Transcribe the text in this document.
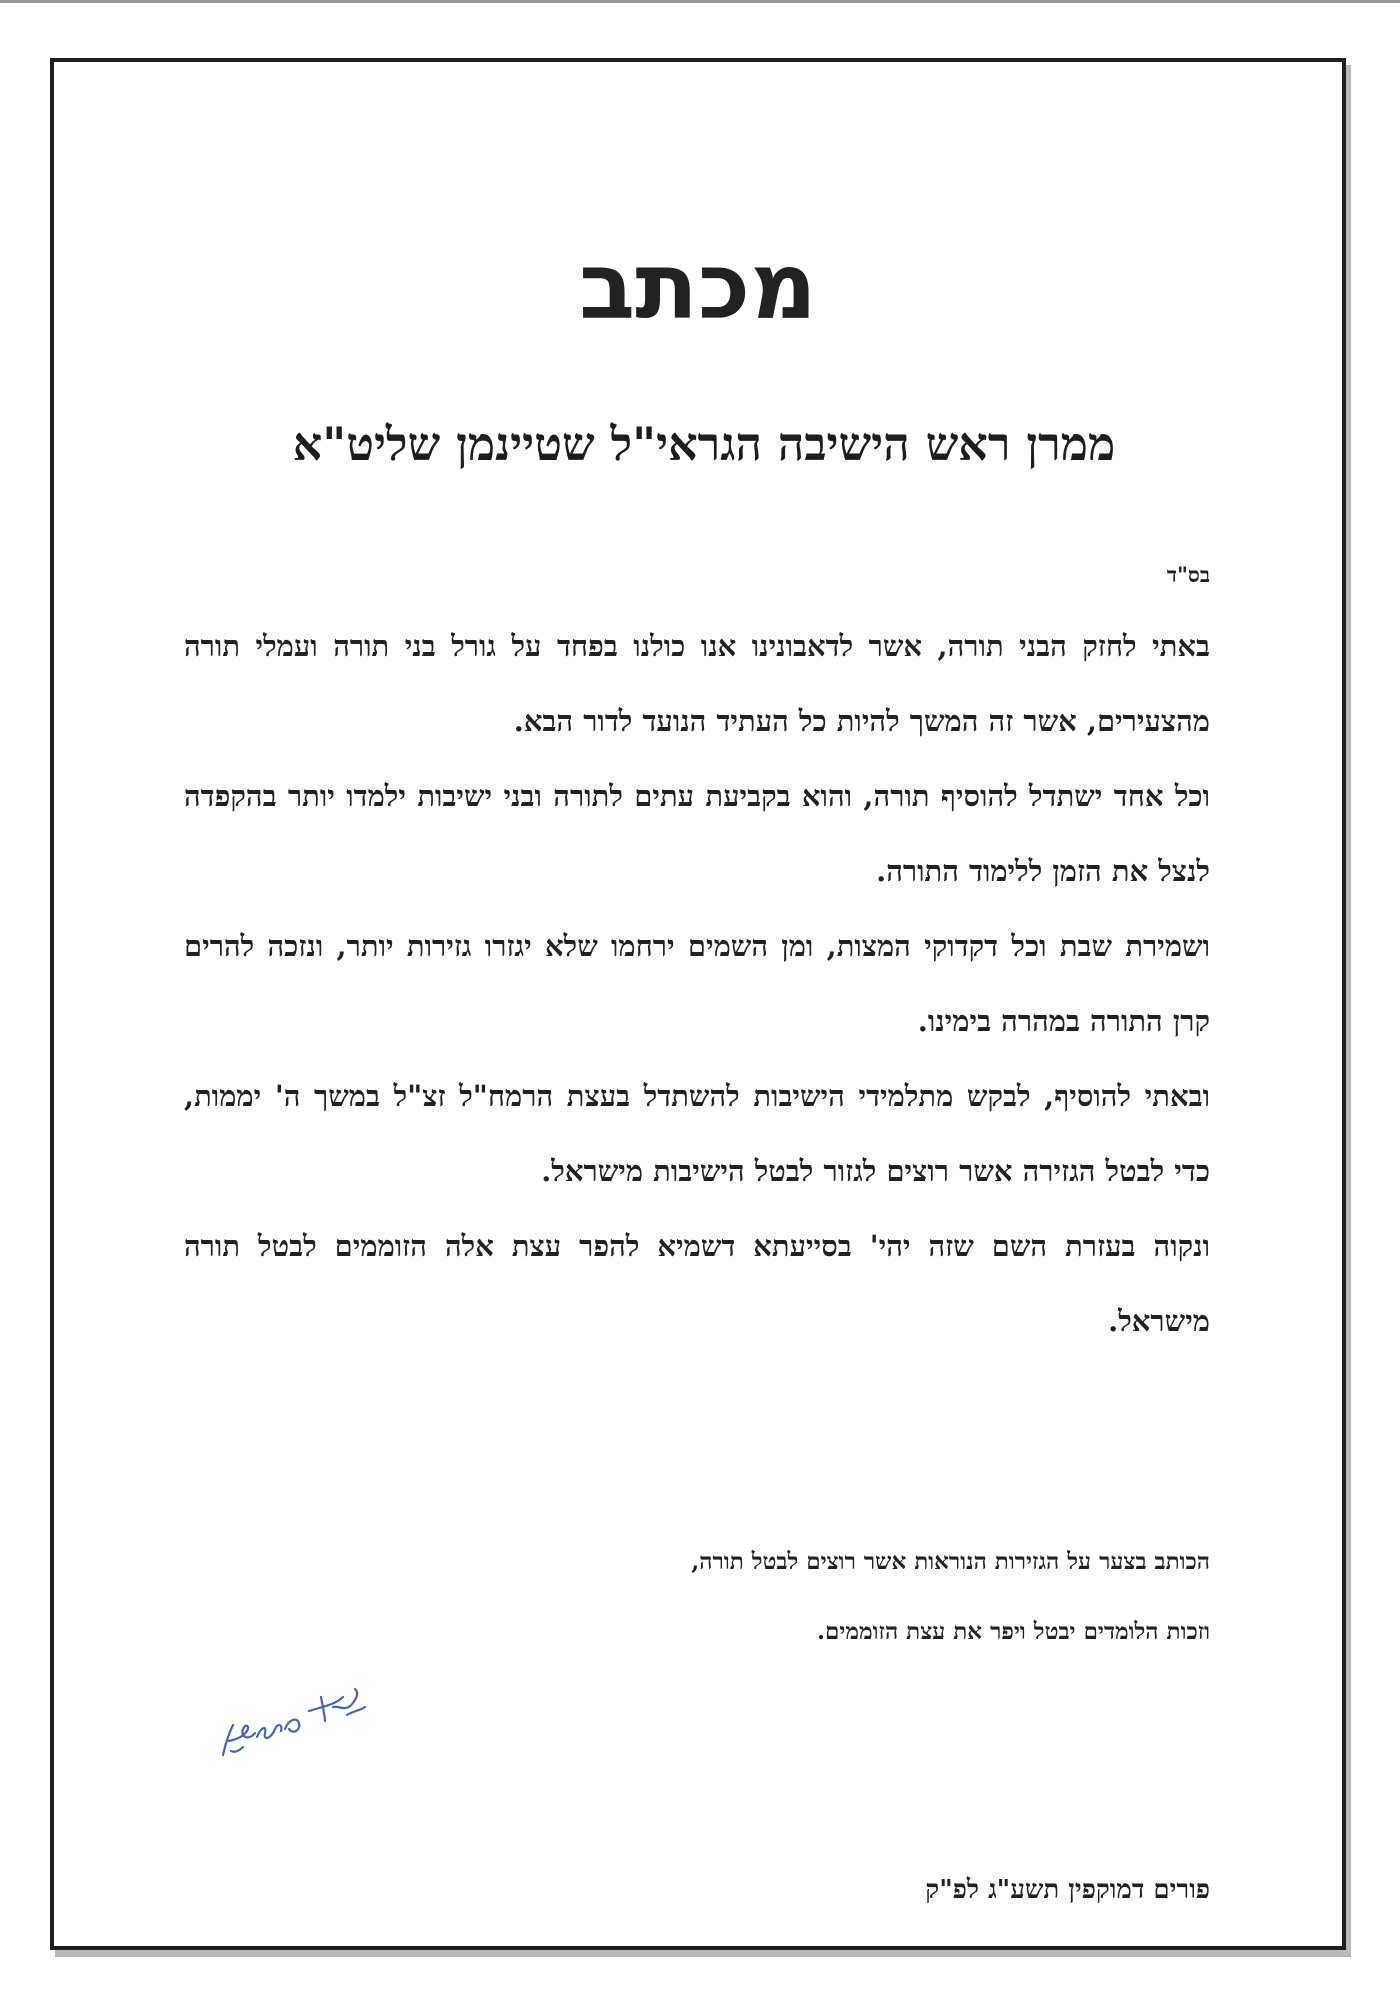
מכתב
ממרן ראש הישיבה הגראי"ל שטיינמן שליט"א
בס"ד

באתי לחזק הבני תורה, אשר לדאבונינו אנו כולנו בפחד על גורל בני תורה ועמלי תורה מהצעירים, אשר זה המשך להיות כל העתיד הנועד לדור הבא.

וכל אחד ישתדל להוסיף תורה, והוא בקביעת עתים לתורה ובני ישיבות ילמדו יותר בהקפדה לנצל את הזמן ללימוד התורה.

ושמירת שבת וכל דקדוקי המצות, ומן השמים ירחמו שלא יגזרו גזירות יותר, ונזכה להרים קרן התורה במהרה בימינו.

ובאתי להוסיף, לבקש מתלמידי הישיבות להשתדל בעצת הרמח"ל זצ"ל במשך ה' יממות, כדי לבטל הגזירה אשר רוצים לגזור לבטל הישיבות מישראל.

ונקוה בעזרת השם שזה יהי' בסייעתא דשמיא להפר עצת אלה הזוממים לבטל תורה מישראל.

הכותב בצער על הגזירות הנוראות אשר רוצים לבטל תורה,
וזכות הלומדים יבטל ויפר את עצת הזוממים.
פורים דמוקפין תשע"ג לפ"ק
